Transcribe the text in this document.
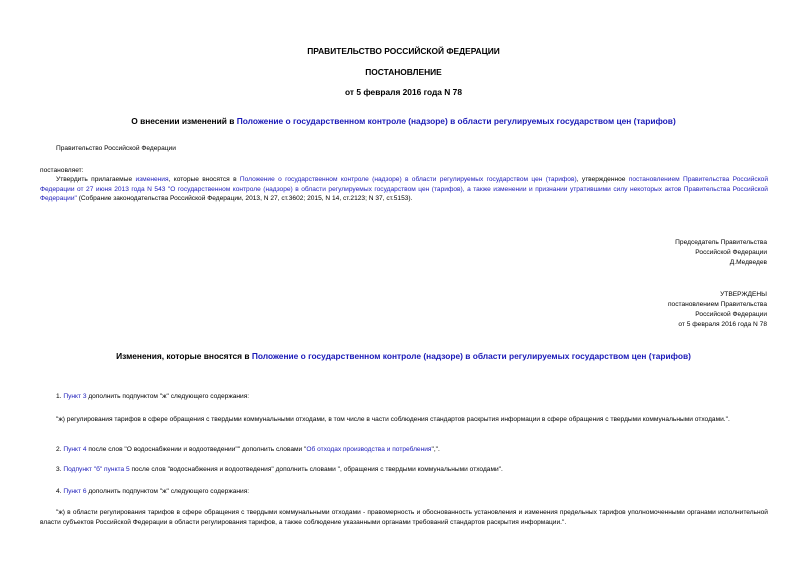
ПРАВИТЕЛЬСТВО РОССИЙСКОЙ ФЕДЕРАЦИИ
ПОСТАНОВЛЕНИЕ
от 5 февраля 2016 года N 78
О внесении изменений в Положение о государственном контроле (надзоре) в области регулируемых государством цен (тарифов)
Правительство Российской Федерации
постановляет:
Утвердить прилагаемые изменения, которые вносятся в Положение о государственном контроле (надзоре) в области регулируемых государством цен (тарифов), утвержденное постановлением Правительства Российской Федерации от 27 июня 2013 года N 543 "О государственном контроле (надзоре) в области регулируемых государством цен (тарифов), а также изменении и признании утратившими силу некоторых актов Правительства Российской Федерации" (Собрание законодательства Российской Федерации, 2013, N 27, ст.3602; 2015, N 14, ст.2123; N 37, ст.5153).
Председатель Правительства
Российской Федерации
Д.Медведев
УТВЕРЖДЕНЫ
постановлением Правительства
Российской Федерации
от 5 февраля 2016 года N 78
Изменения, которые вносятся в Положение о государственном контроле (надзоре) в области регулируемых государством цен (тарифов)
1. Пункт 3 дополнить подпунктом "ж" следующего содержания:
"ж) регулирования тарифов в сфере обращения с твердыми коммунальными отходами, в том числе в части соблюдения стандартов раскрытия информации в сфере обращения с твердыми коммунальными отходами.".
2. Пункт 4 после слов "О водоснабжении и водоотведении"" дополнить словами "Об отходах производства и потребления",".
3. Подпункт "б" пункта 5 после слов "водоснабжения и водоотведения" дополнить словами ", обращения с твердыми коммунальными отходами".
4. Пункт 6 дополнить подпунктом "ж" следующего содержания:
"ж) в области регулирования тарифов в сфере обращения с твердыми коммунальными отходами - правомерность и обоснованность установления и изменения предельных тарифов уполномоченными органами исполнительной власти субъектов Российской Федерации в области регулирования тарифов, а также соблюдение указанными органами требований стандартов раскрытия информации.".
